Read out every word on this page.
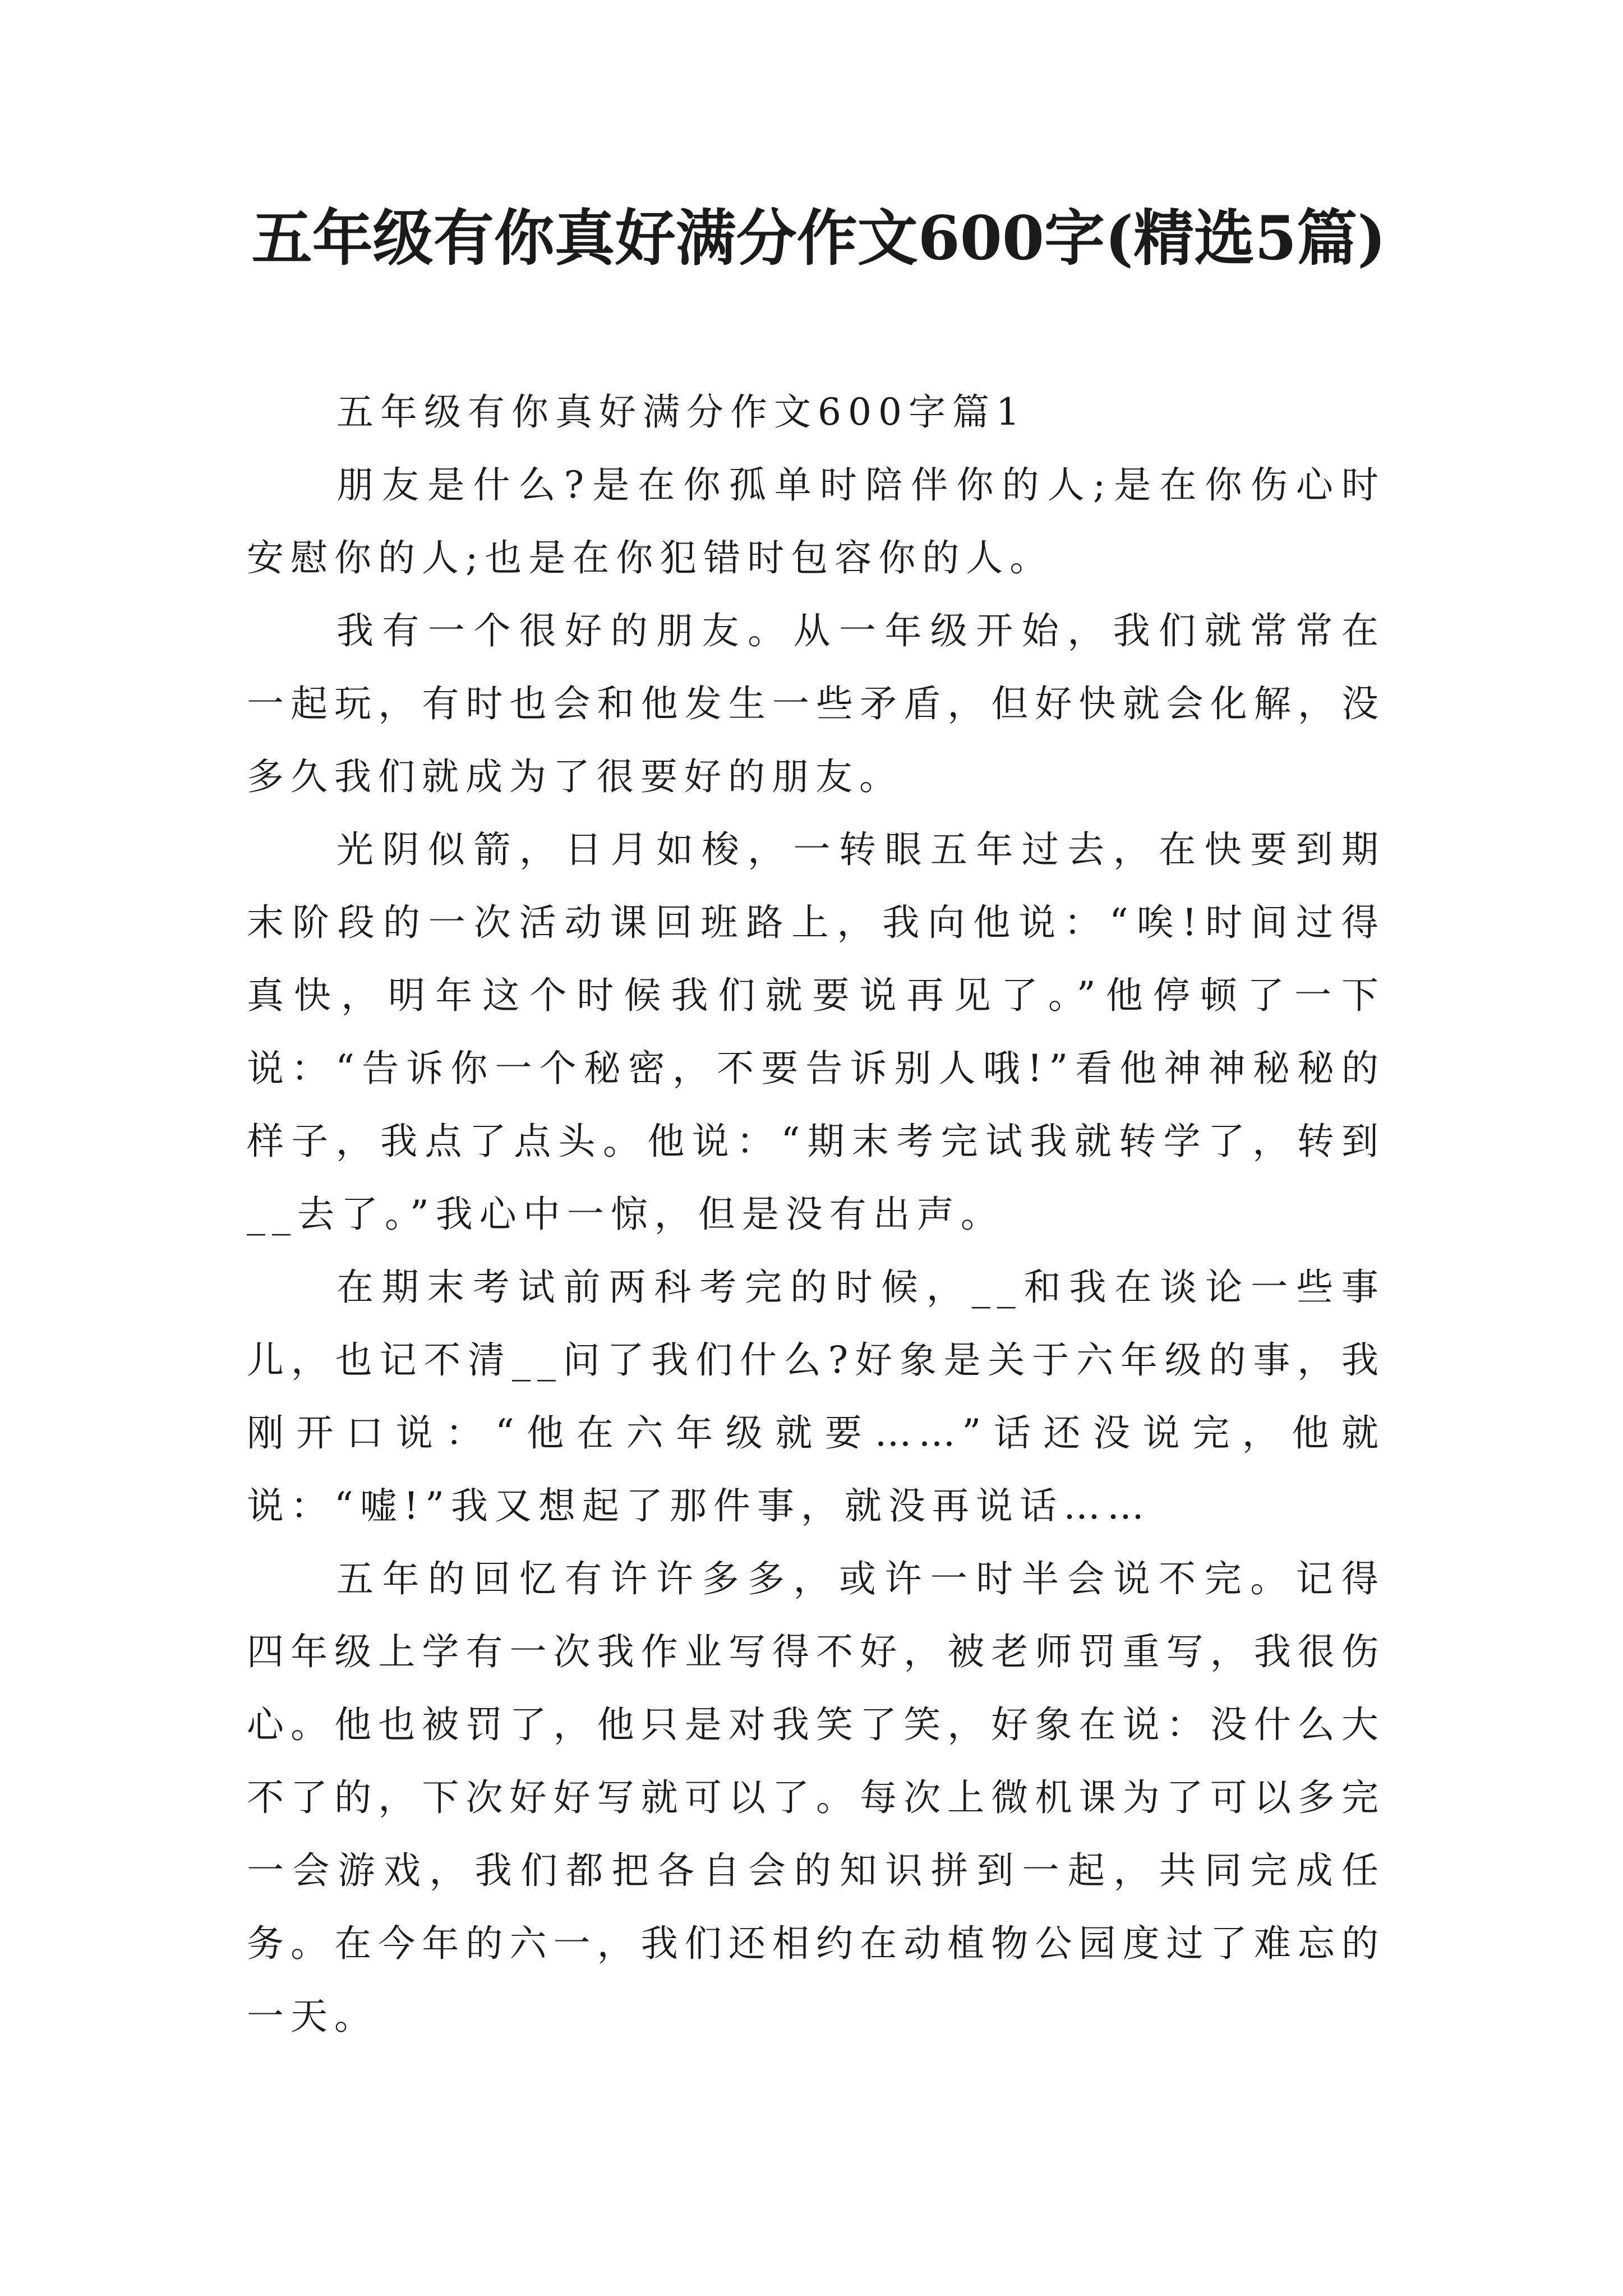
五年级有你真好满分作文600字(精选5篇)
五年级有你真好满分作文600字篇1

朋友是什么?是在你孤单时陪伴你的人;是在你伤心时安慰你的人;也是在你犯错时包容你的人。

我有一个很好的朋友。从一年级开始，我们就常常在一起玩，有时也会和他发生一些矛盾，但好快就会化解，没多久我们就成为了很要好的朋友。

光阴似箭，日月如梭，一转眼五年过去，在快要到期末阶段的一次活动课回班路上，我向他说：“唉!时间过得真快，明年这个时候我们就要说再见了。”他停顿了一下说：“告诉你一个秘密，不要告诉别人哦!”看他神神秘秘的样子，我点了点头。他说：“期末考完试我就转学了，转到__去了。”我心中一惊，但是没有出声。

在期末考试前两科考完的时候，__和我在谈论一些事儿，也记不清__问了我们什么?好象是关于六年级的事，我刚开口说：“他在六年级就要……”话还没说完，他就说：“嘘!”我又想起了那件事，就没再说话……

五年的回忆有许许多多，或许一时半会说不完。记得四年级上学有一次我作业写得不好，被老师罚重写，我很伤心。他也被罚了，他只是对我笑了笑，好象在说：没什么大不了的，下次好好写就可以了。每次上微机课为了可以多完一会游戏，我们都把各自会的知识拼到一起，共同完成任务。在今年的六一，我们还相约在动植物公园度过了难忘的一天。
